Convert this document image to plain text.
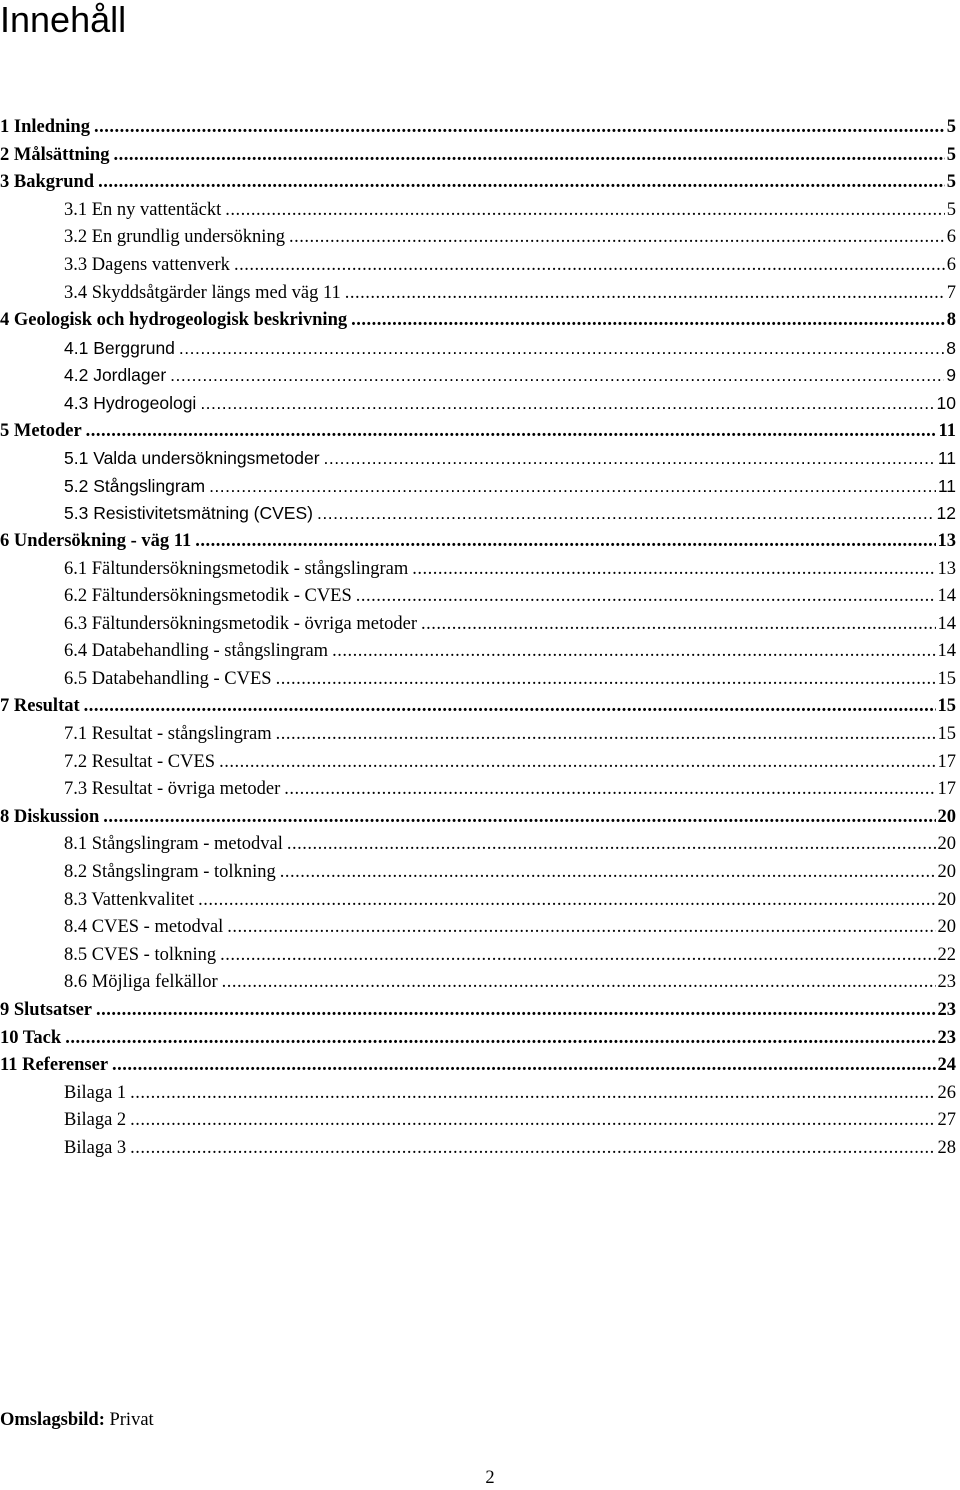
Innehåll
1 Inledning .....	5
2 Målsättning .....	5
3 Bakgrund .....	5
3.1 En ny vattentäckt .....	5
3.2 En grundlig undersökning .....	6
3.3 Dagens vattenverk .....	6
3.4 Skyddsåtgärder längs med väg 11 .....	7
4 Geologisk och hydrogeologisk beskrivning .....	8
4.1 Berggrund .....	8
4.2 Jordlager .....	9
4.3 Hydrogeologi .....	10
5 Metoder .....	11
5.1 Valda undersökningsmetoder .....	11
5.2 Stångslingram .....	11
5.3 Resistivitetsmätning (CVES) .....	12
6 Undersökning - väg 11 .....	13
6.1 Fältundersökningsmetodik - stångslingram .....	13
6.2 Fältundersökningsmetodik - CVES .....	14
6.3 Fältundersökningsmetodik - övriga metoder .....	14
6.4 Databehandling - stångslingram .....	14
6.5 Databehandling - CVES .....	15
7 Resultat .....	15
7.1 Resultat - stångslingram .....	15
7.2 Resultat - CVES .....	17
7.3 Resultat - övriga metoder .....	17
8 Diskussion .....	20
8.1 Stångslingram - metodval .....	20
8.2 Stångslingram - tolkning .....	20
8.3 Vattenkvalitet .....	20
8.4 CVES - metodval .....	20
8.5 CVES - tolkning .....	22
8.6 Möjliga felkällor .....	23
9 Slutsatser .....	23
10 Tack .....	23
11 Referenser .....	24
Bilaga 1 .....	26
Bilaga 2 .....	27
Bilaga 3 .....	28
Omslagsbild: Privat
2
